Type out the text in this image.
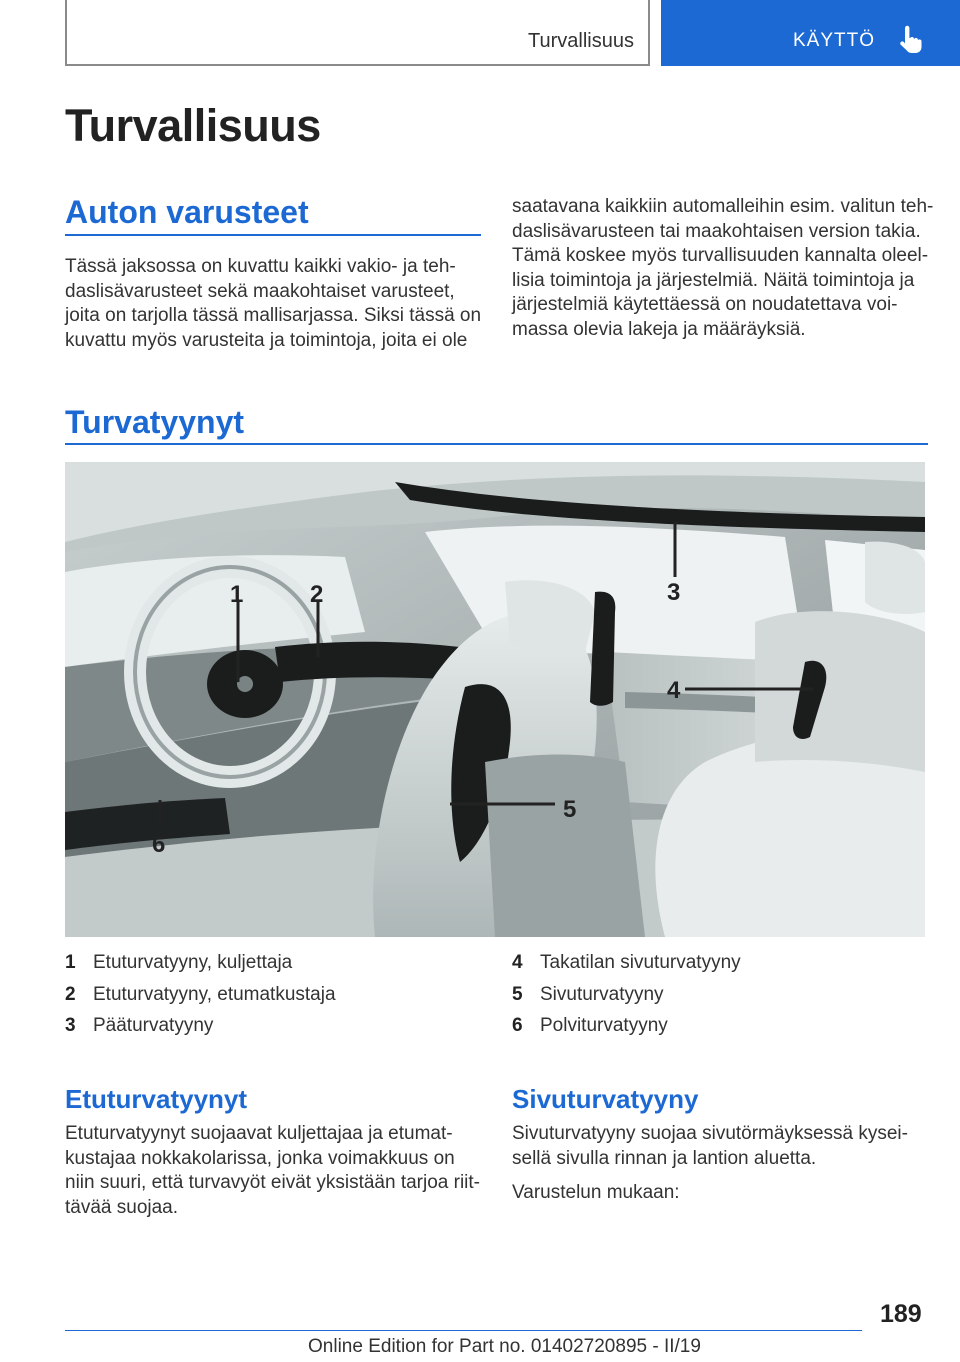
Turvallisuus	KÄYTTÖ
Turvallisuus
Auton varusteet
Tässä jaksossa on kuvattu kaikki vakio- ja teh-
daslisävarusteet sekä maakohtaiset varusteet,
joita on tarjolla tässä mallisarjassa. Siksi tässä on
kuvattu myös varusteita ja toimintoja, joita ei ole
saatavana kaikkiin automalleihin esim. valitun teh-
daslisävarusteen tai maakohtaisen version takia.
Tämä koskee myös turvallisuuden kannalta oleel-
lisia toimintoja ja järjestelmiä. Näitä toimintoja ja
järjestelmiä käytettäessä on noudatettava voi-
massa olevia lakeja ja määräyksiä.
Turvatyynyt
1	2	3
4
5
6
1 Etuturvatyyny, kuljettaja
2 Etuturvatyyny, etumatkustaja
3 Pääturvatyyny
4 Takatilan sivuturvatyyny
5 Sivuturvatyyny
6 Polviturvatyyny
Etuturvatyynyt
Etuturvatyynyt suojaavat kuljettajaa ja etumat-
kustajaa nokkakolarissa, jonka voimakkuus on
niin suuri, että turvavyöt eivät yksistään tarjoa riit-
tävää suojaa.
Sivuturvatyyny
Sivuturvatyyny suojaa sivutörmäyksessä kysei-
sellä sivulla rinnan ja lantion aluetta.
Varustelun mukaan:
189
Online Edition for Part no. 01402720895 - II/19
